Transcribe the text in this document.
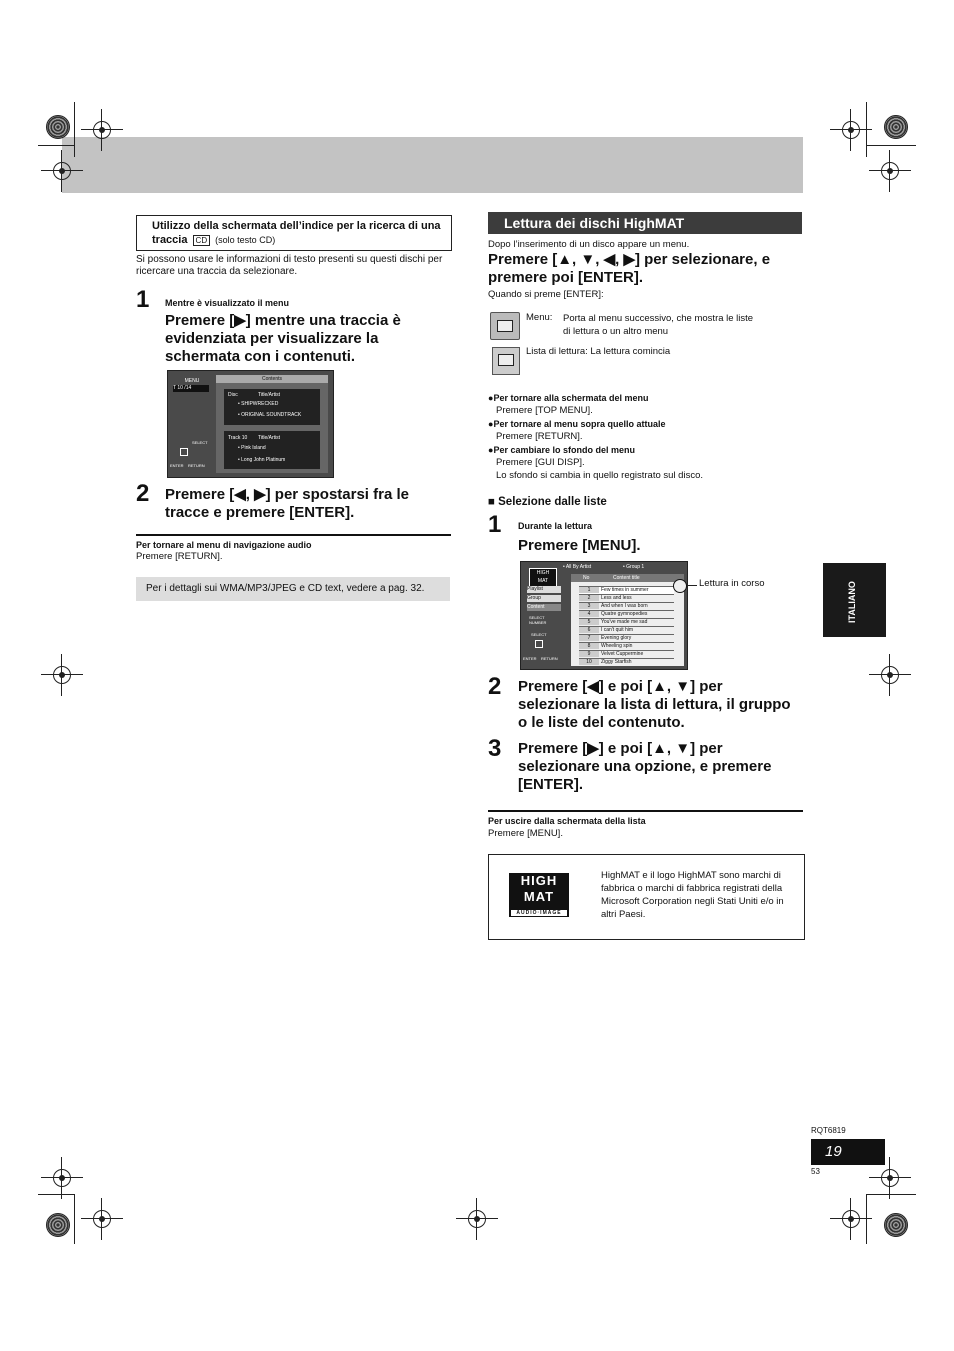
Utilizzo della schermata dell’indice per la ricerca di una traccia CD (solo testo CD)
Si possono usare le informazioni di testo presenti su questi dischi per ricercare una traccia da selezionare.
1 Mentre è visualizzato il menu
Premere [▶] mentre una traccia è evidenziata per visualizzare la schermata con i contenuti.
MENU
T 10 /14
Contents
Disc	Title/Artist
• SHIPWRECKED
• ORIGINAL SOUNDTRACK
Track 10 Title/Artist
• Pink Island
• Long John Platinum
SELECT
ENTER RETURN
2 Premere [◀, ▶] per spostarsi fra le tracce e premere [ENTER].
Per tornare al menu di navigazione audio
Premere [RETURN].
Per i dettagli sui WMA/MP3/JPEG e CD text, vedere a pag. 32.
Lettura dei dischi HighMAT
Dopo l’inserimento di un disco appare un menu.
Premere [▲, ▼, ◀, ▶] per selezionare, e premere poi [ENTER].
Quando si preme [ENTER]:
Menu: Porta al menu successivo, che mostra le liste di lettura o un altro menu
Lista di lettura: La lettura comincia
●Per tornare alla schermata del menu
Premere [TOP MENU].
●Per tornare al menu sopra quello attuale
Premere [RETURN].
●Per cambiare lo sfondo del menu
Premere [GUI DISP].
Lo sfondo si cambia in quello registrato sul disco.
■ Selezione dalle liste
1 Durante la lettura
Premere [MENU].
• All By Artist	• Group 1
HIGH
MAT
Playlist
Group
Content
SELECT NUMBER
SELECT
ENTER RETURN
No	Content title
1	Few times in summer
2	Less and less
3	And when I was born
4	Quatre gymnopedies
5	You've made me sad
6	I can't quit him
7	Evening glory
8	Wheeling spin
9	Velvet Cuppermine
10	Ziggy Starfish
Lettura in corso
2 Premere [◀] e poi [▲, ▼] per selezionare la lista di lettura, il gruppo o le liste del contenuto.
3 Premere [▶] e poi [▲, ▼] per selezionare una opzione, e premere [ENTER].
Per uscire dalla schermata della lista
Premere [MENU].
HIGH
MAT
AUDIO·IMAGE
HighMAT e il logo HighMAT sono marchi di fabbrica o marchi di fabbrica registrati della Microsoft Corporation negli Stati Uniti e/o in altri Paesi.
ITALIANO
RQT6819
19
53
